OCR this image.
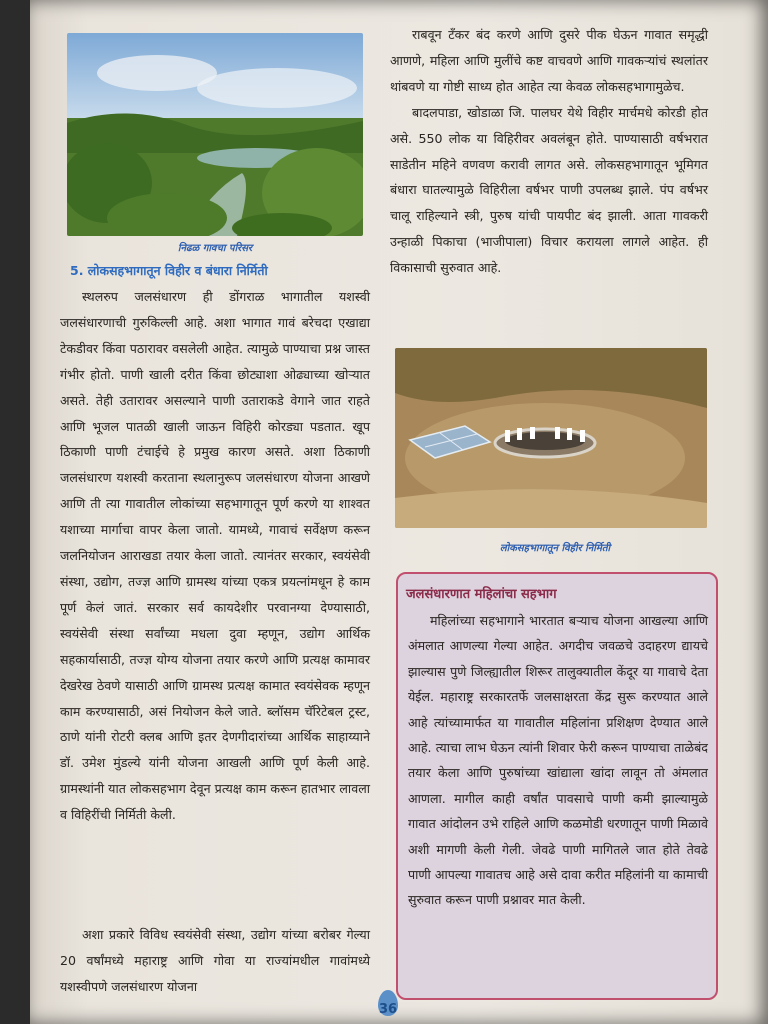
निढळ गावचा परिसर
5. लोकसहभागातून विहीर व बंधारा निर्मिती

स्थलरुप जलसंधारण ही डोंगराळ भागातील यशस्वी जलसंधारणाची गुरुकिल्ली आहे. अशा भागात गावं बरेचदा एखाद्या टेकडीवर किंवा पठारावर वसलेली आहेत. त्यामुळे पाण्याचा प्रश्न जास्त गंभीर होतो. पाणी खाली दरीत किंवा छोट्याशा ओढ्याच्या खोऱ्यात असते. तेही उतारावर असल्याने पाणी उताराकडे वेगाने जात राहते आणि भूजल पातळी खाली जाऊन विहिरी कोरड्या पडतात. खूप ठिकाणी पाणी टंचाईचे हे प्रमुख कारण असते. अशा ठिकाणी जलसंधारण यशस्वी करताना स्थलानुरूप जलसंधारण योजना आखणे आणि ती त्या गावातील लोकांच्या सहभागातून पूर्ण करणे या शाश्वत यशाच्या मार्गाचा वापर केला जातो. यामध्ये, गावाचं सर्वेक्षण करून जलनियोजन आराखडा तयार केला जातो. त्यानंतर सरकार, स्वयंसेवी संस्था, उद्योग, तज्ज्ञ आणि ग्रामस्थ यांच्या एकत्र प्रयत्नांमधून हे काम पूर्ण केलं जातं. सरकार सर्व कायदेशीर परवानग्या देण्यासाठी, स्वयंसेवी संस्था सर्वांच्या मधला दुवा म्हणून, उद्योग आर्थिक सहकार्यासाठी, तज्ज्ञ योग्य योजना तयार करणे आणि प्रत्यक्ष कामावर देखरेख ठेवणे यासाठी आणि ग्रामस्थ प्रत्यक्ष कामात स्वयंसेवक म्हणून काम करण्यासाठी, असं नियोजन केले जाते. ब्लॉसम चॅरिटेबल ट्रस्ट, ठाणे यांनी रोटरी क्लब आणि इतर देणगीदारांच्या आर्थिक साहाय्याने डॉ. उमेश मुंडल्ये यांनी योजना आखली आणि पूर्ण केली आहे. ग्रामस्थांनी यात लोकसहभाग देवून प्रत्यक्ष काम करून हातभार लावला व विहिरींची निर्मिती केली.

अशा प्रकारे विविध स्वयंसेवी संस्था, उद्योग यांच्या बरोबर गेल्या 20 वर्षांमध्ये महाराष्ट्र आणि गोवा या राज्यांमधील गावांमध्ये यशस्वीपणे जलसंधारण योजना

राबवून टँकर बंद करणे आणि दुसरे पीक घेऊन गावात समृद्धी आणणे, महिला आणि मुलींचे कष्ट वाचवणे आणि गावकऱ्यांचं स्थलांतर थांबवणे या गोष्टी साध्य होत आहेत त्या केवळ लोकसहभागामुळेच.

बादलपाडा, खोडाळा जि. पालघर येथे विहीर मार्चमधे कोरडी होत असे. 550 लोक या विहिरीवर अवलंबून होते. पाण्यासाठी वर्षभरात साडेतीन महिने वणवण करावी लागत असे. लोकसहभागातून भूमिगत बंधारा घातल्यामुळे विहिरीला वर्षभर पाणी उपलब्ध झाले. पंप वर्षभर चालू राहिल्याने स्त्री, पुरुष यांची पायपीट बंद झाली. आता गावकरी उन्हाळी पिकाचा (भाजीपाला) विचार करायला लागले आहेत. ही विकासाची सुरुवात आहे.

लोकसहभागातून विहीर निर्मिती
जलसंधारणात महिलांचा सहभाग

महिलांच्या सहभागाने भारतात बऱ्याच योजना आखल्या आणि अंमलात आणल्या गेल्या आहेत. अगदीच जवळचे उदाहरण द्यायचे झाल्यास पुणे जिल्ह्यातील शिरूर तालुक्यातील केंदूर या गावाचे देता येईल. महाराष्ट्र सरकारतर्फे जलसाक्षरता केंद्र सुरू करण्यात आले आहे त्यांच्यामार्फत या गावातील महिलांना प्रशिक्षण देण्यात आले आहे. त्याचा लाभ घेऊन त्यांनी शिवार फेरी करून पाण्याचा ताळेबंद तयार केला आणि पुरुषांच्या खांद्याला खांदा लावून तो अंमलात आणला. मागील काही वर्षांत पावसाचे पाणी कमी झाल्यामुळे गावात आंदोलन उभे राहिले आणि कळमोडी धरणातून पाणी मिळावे अशी मागणी केली गेली. जेवढे पाणी मागितले जात होते तेवढे पाणी आपल्या गावातच आहे असे दावा करीत महिलांनी या कामाची सुरुवात करून पाणी प्रश्नावर मात केली.

36
